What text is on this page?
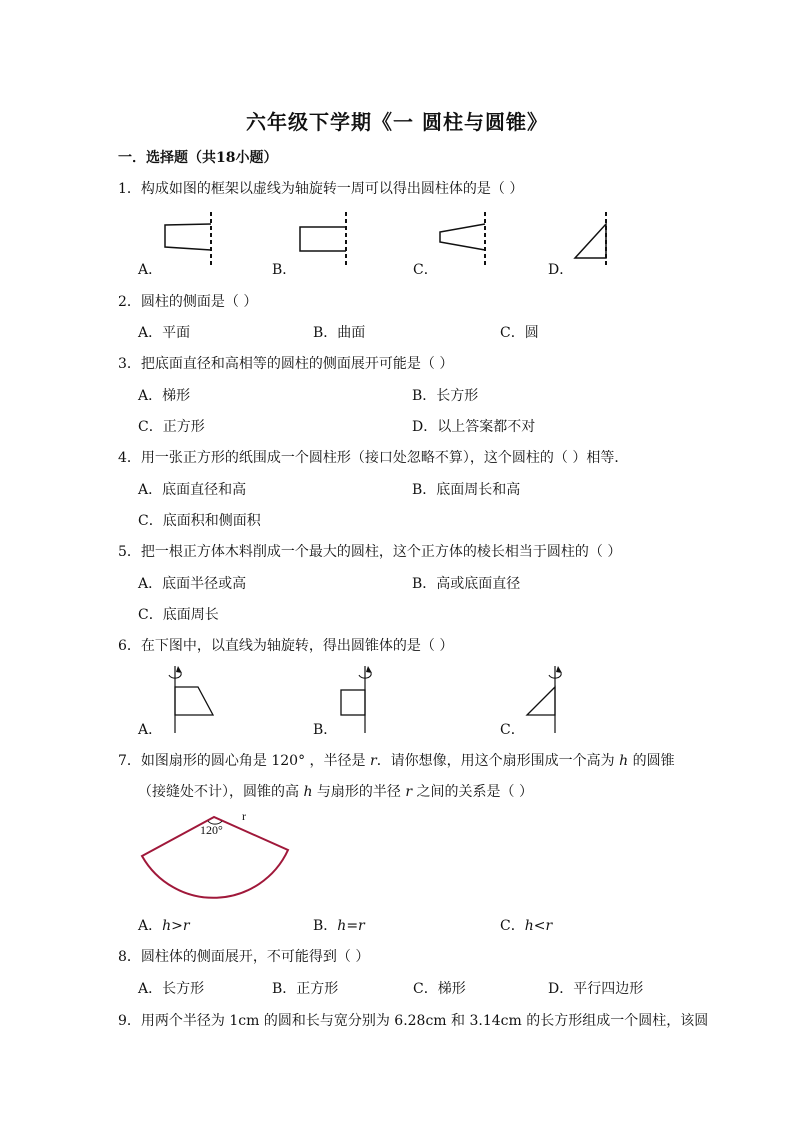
六年级下学期《一 圆柱与圆锥》
一．选择题（共18小题）
1．构成如图的框架以虚线为轴旋转一周可以得出圆柱体的是（ ）
A．	B．	C．	D．
2．圆柱的侧面是（ ）
A．平面	B．曲面	C．圆
3．把底面直径和高相等的圆柱的侧面展开可能是（ ）
A．梯形	B．长方形
C．正方形	D．以上答案都不对
4．用一张正方形的纸围成一个圆柱形（接口处忽略不算），这个圆柱的（ ）相等．
A．底面直径和高	B．底面周长和高
C．底面积和侧面积
5．把一根正方体木料削成一个最大的圆柱，这个正方体的棱长相当于圆柱的（ ）
A．底面半径或高	B．高或底面直径
C．底面周长
6．在下图中，以直线为轴旋转，得出圆锥体的是（ ）
A．	B．	C．
7．如图扇形的圆心角是 120° ，半径是 r．请你想像，用这个扇形围成一个高为 h 的圆锥
（接缝处不计），圆锥的高 h 与扇形的半径 r 之间的关系是（ ）
120°
r
A．h>r	B．h=r	C．h<r
8．圆柱体的侧面展开，不可能得到（ ）
A．长方形	B．正方形	C．梯形	D．平行四边形
9．用两个半径为 1cm 的圆和长与宽分别为 6.28cm 和 3.14cm 的长方形组成一个圆柱，该圆
